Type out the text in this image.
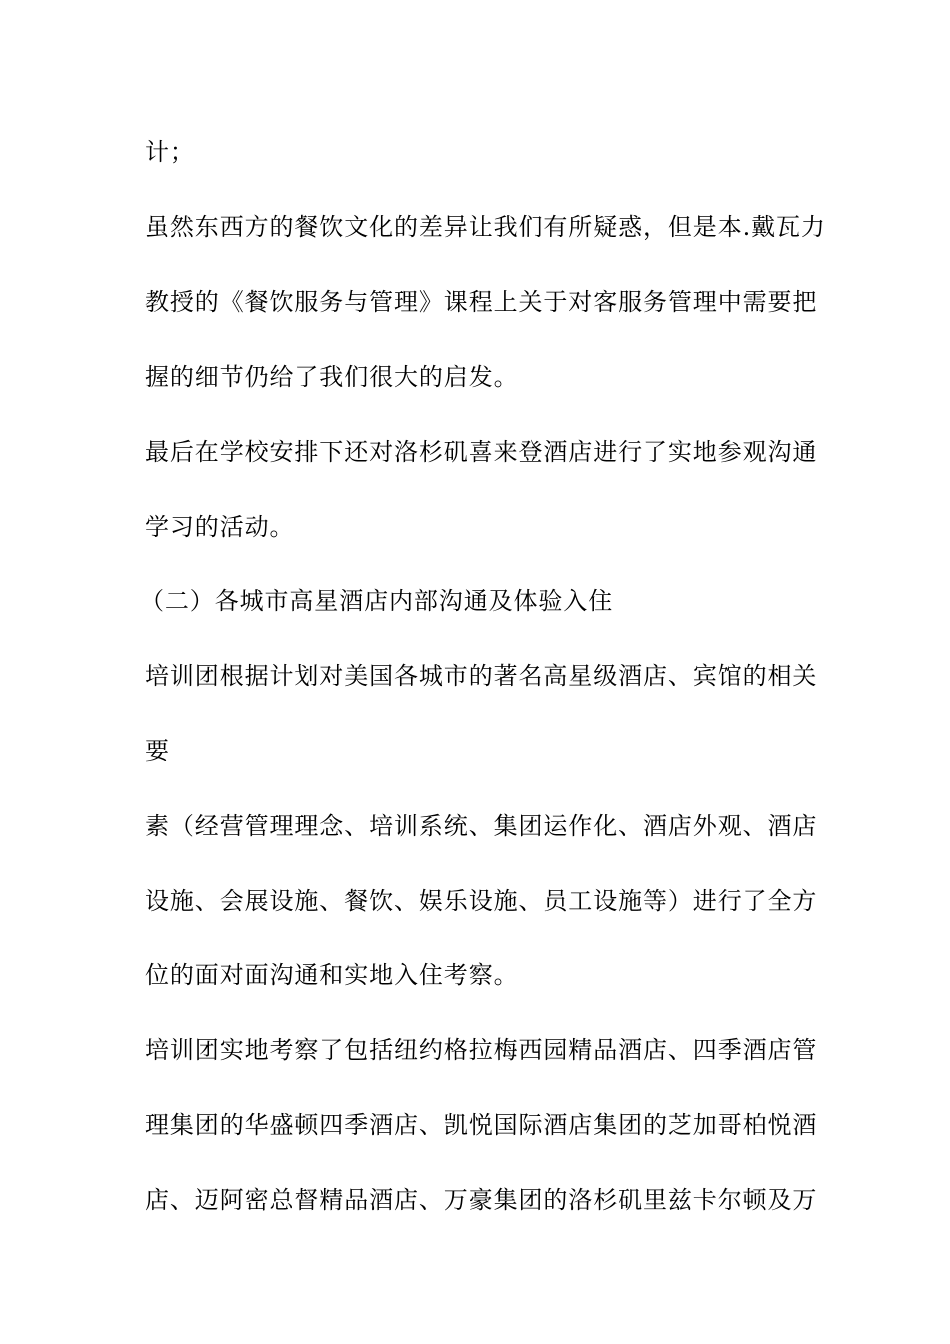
计；
虽然东西方的餐饮文化的差异让我们有所疑惑，但是本.戴瓦力
教授的《餐饮服务与管理》课程上关于对客服务管理中需要把
握的细节仍给了我们很大的启发。
最后在学校安排下还对洛杉矶喜来登酒店进行了实地参观沟通
学习的活动。
（二）各城市高星酒店内部沟通及体验入住
培训团根据计划对美国各城市的著名高星级酒店、宾馆的相关
要
素（经营管理理念、培训系统、集团运作化、酒店外观、酒店
设施、会展设施、餐饮、娱乐设施、员工设施等）进行了全方
位的面对面沟通和实地入住考察。
培训团实地考察了包括纽约格拉梅西园精品酒店、四季酒店管
理集团的华盛顿四季酒店、凯悦国际酒店集团的芝加哥柏悦酒
店、迈阿密总督精品酒店、万豪集团的洛杉矶里兹卡尔顿及万
